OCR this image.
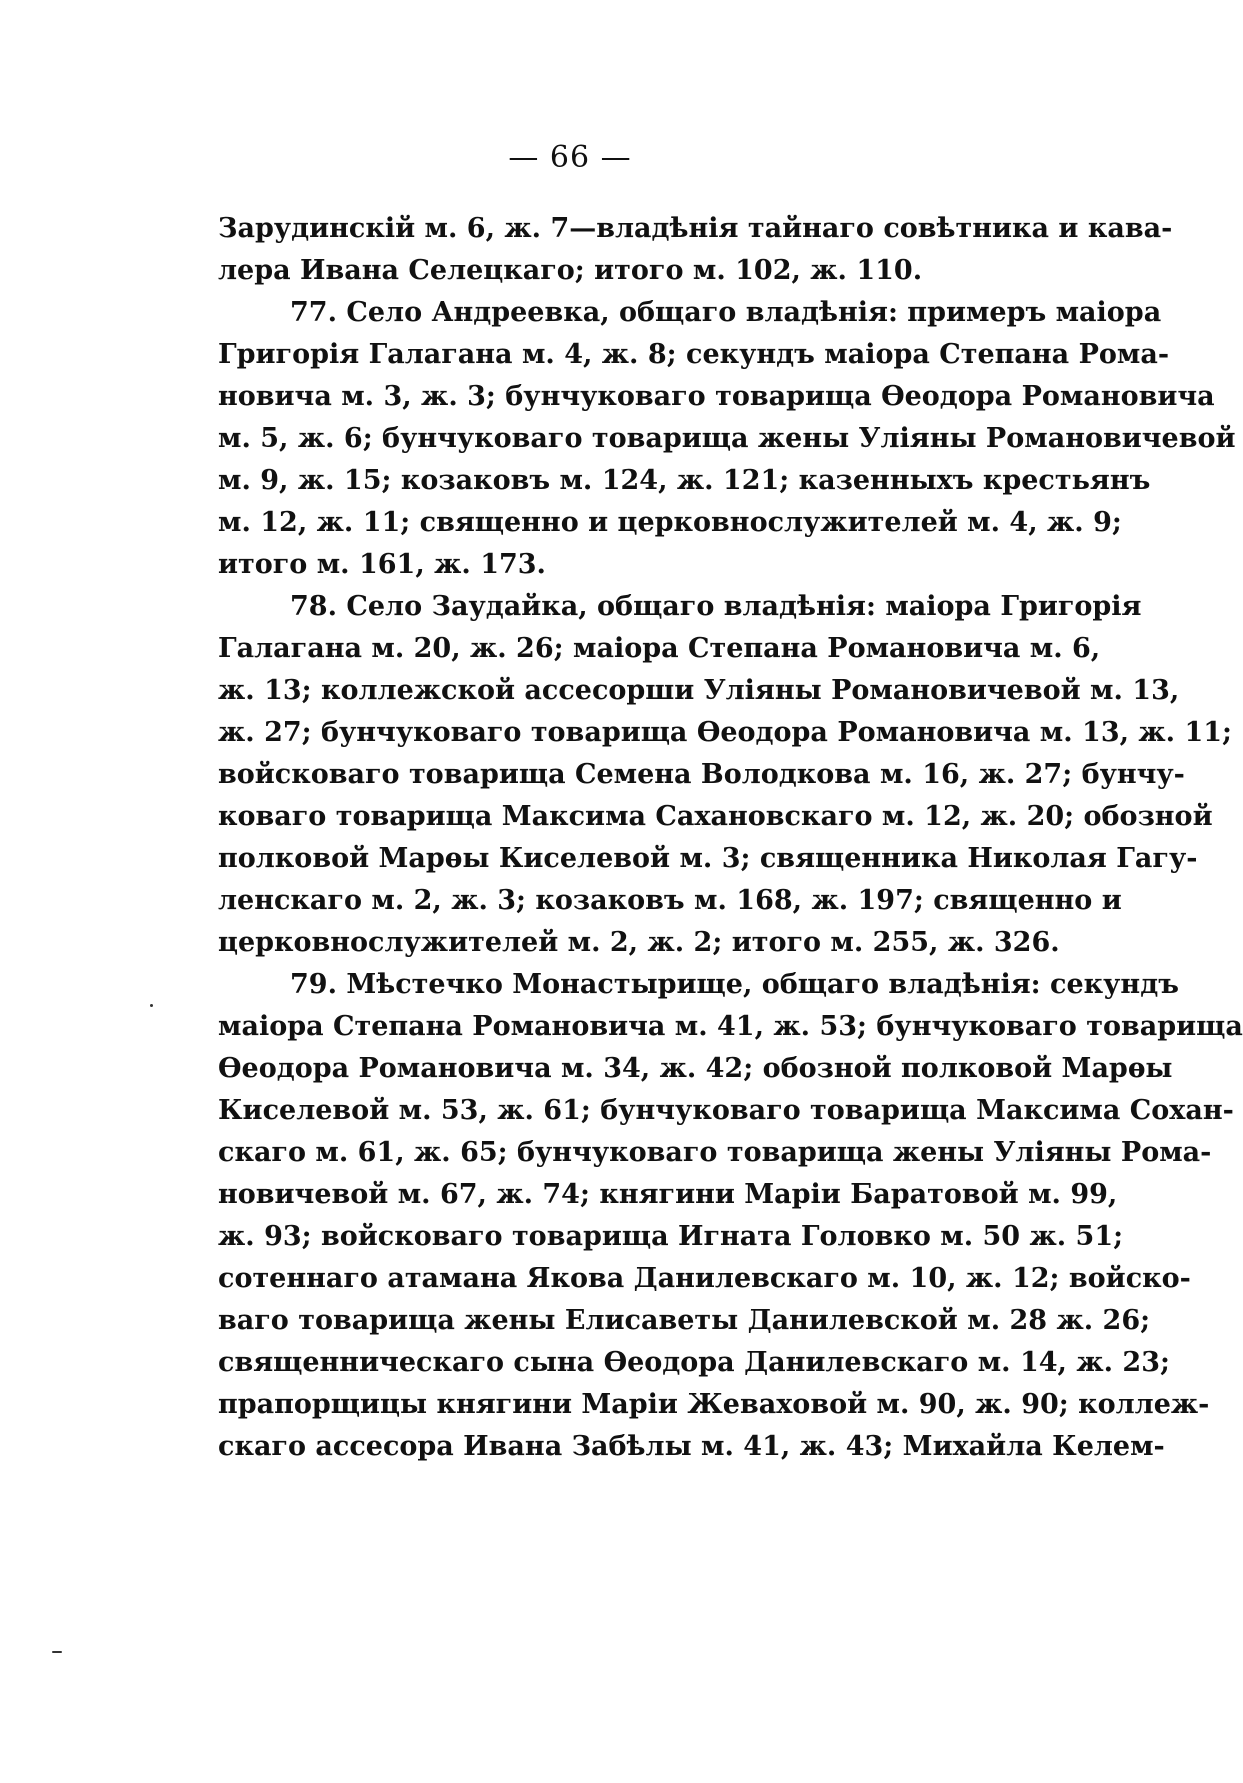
— 66 —
Зарудинскій м. 6, ж. 7—владѣнія тайнаго совѣтника и кава-
лера Ивана Селецкаго; итого м. 102, ж. 110.
77. Село Андреевка, общаго владѣнія: примеръ маіора
Григорія Галагана м. 4, ж. 8; секундъ маіора Степана Рома-
новича м. 3, ж. 3; бунчуковаго товарища Ѳеодора Романовича
м. 5, ж. 6; бунчуковаго товарища жены Уліяны Романовичевой
м. 9, ж. 15; козаковъ м. 124, ж. 121; казенныхъ крестьянъ
м. 12, ж. 11; священно и церковнослужителей м. 4, ж. 9;
итого м. 161, ж. 173.
78. Село Заудайка, общаго владѣнія: маіора Григорія
Галагана м. 20, ж. 26; маіора Степана Романовича м. 6,
ж. 13; коллежской ассесорши Уліяны Романовичевой м. 13,
ж. 27; бунчуковаго товарища Ѳеодора Романовича м. 13, ж. 11;
войсковаго товарища Семена Володкова м. 16, ж. 27; бунчу-
коваго товарища Максима Сахановскаго м. 12, ж. 20; обозной
полковой Марѳы Киселевой м. 3; священника Николая Гагу-
ленскаго м. 2, ж. 3; козаковъ м. 168, ж. 197; священно и
церковнослужителей м. 2, ж. 2; итого м. 255, ж. 326.
79. Мѣстечко Монастырище, общаго владѣнія: секундъ
маіора Степана Романовича м. 41, ж. 53; бунчуковаго товарища
Ѳеодора Романовича м. 34, ж. 42; обозной полковой Марѳы
Киселевой м. 53, ж. 61; бунчуковаго товарища Максима Сохан-
скаго м. 61, ж. 65; бунчуковаго товарища жены Уліяны Рома-
новичевой м. 67, ж. 74; княгини Маріи Баратовой м. 99,
ж. 93; войсковаго товарища Игната Головко м. 50 ж. 51;
сотеннаго атамана Якова Данилевскаго м. 10, ж. 12; войско-
ваго товарища жены Елисаветы Данилевской м. 28 ж. 26;
священническаго сына Ѳеодора Данилевскаго м. 14, ж. 23;
прапорщицы княгини Маріи Жеваховой м. 90, ж. 90; коллеж-
скаго ассесора Ивана Забѣлы м. 41, ж. 43; Михайла Келем-
